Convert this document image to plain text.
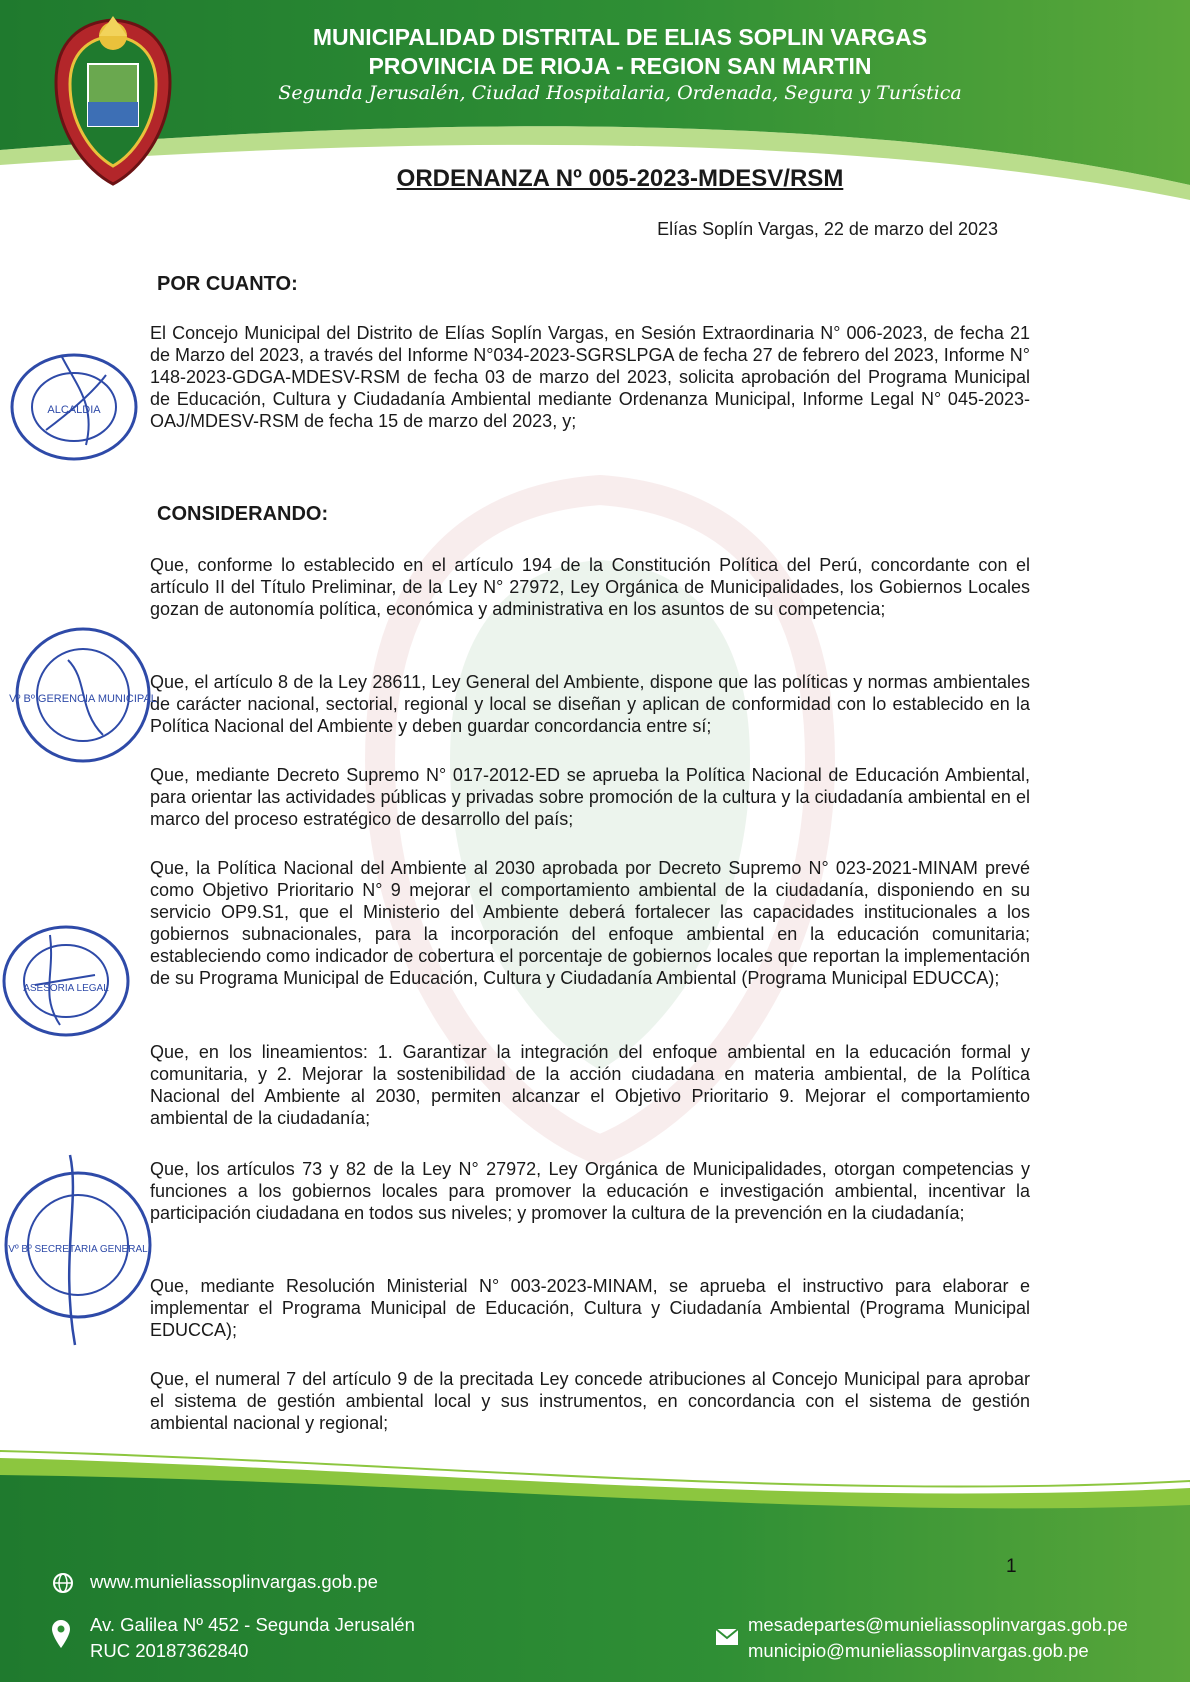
MUNICIPALIDAD DISTRITAL DE ELIAS SOPLIN VARGAS
PROVINCIA DE RIOJA - REGION SAN MARTIN
Segunda Jerusalén, Ciudad Hospitalaria, Ordenada, Segura y Turística
ORDENANZA Nº 005-2023-MDESV/RSM
Elías Soplín Vargas, 22 de marzo del 2023
POR CUANTO:

El Concejo Municipal del Distrito de Elías Soplín Vargas, en Sesión Extraordinaria N° 006-2023, de fecha 21 de Marzo del 2023, a través del Informe N°034-2023-SGRSLPGA de fecha 27 de febrero del 2023, Informe N° 148-2023-GDGA-MDESV-RSM de fecha 03 de marzo del 2023, solicita aprobación del Programa Municipal de Educación, Cultura y Ciudadanía Ambiental mediante Ordenanza Municipal, Informe Legal N° 045-2023-OAJ/MDESV-RSM de fecha 15 de marzo del 2023, y;

CONSIDERANDO:

Que, conforme lo establecido en el artículo 194 de la Constitución Política del Perú, concordante con el artículo II del Título Preliminar, de la Ley N° 27972, Ley Orgánica de Municipalidades, los Gobiernos Locales gozan de autonomía política, económica y administrativa en los asuntos de su competencia;

Que, el artículo 8 de la Ley 28611, Ley General del Ambiente, dispone que las políticas y normas ambientales de carácter nacional, sectorial, regional y local se diseñan y aplican de conformidad con lo establecido en la Política Nacional del Ambiente y deben guardar concordancia entre sí;

Que, mediante Decreto Supremo N° 017-2012-ED se aprueba la Política Nacional de Educación Ambiental, para orientar las actividades públicas y privadas sobre promoción de la cultura y la ciudadanía ambiental en el marco del proceso estratégico de desarrollo del país;

Que, la Política Nacional del Ambiente al 2030 aprobada por Decreto Supremo N° 023-2021-MINAM prevé como Objetivo Prioritario N° 9 mejorar el comportamiento ambiental de la ciudadanía, disponiendo en su servicio OP9.S1, que el Ministerio del Ambiente deberá fortalecer las capacidades institucionales a los gobiernos subnacionales, para la incorporación del enfoque ambiental en la educación comunitaria; estableciendo como indicador de cobertura el porcentaje de gobiernos locales que reportan la implementación de su Programa Municipal de Educación, Cultura y Ciudadanía Ambiental (Programa Municipal EDUCCA);

Que, en los lineamientos: 1. Garantizar la integración del enfoque ambiental en la educación formal y comunitaria, y 2. Mejorar la sostenibilidad de la acción ciudadana en materia ambiental, de la Política Nacional del Ambiente al 2030, permiten alcanzar el Objetivo Prioritario 9. Mejorar el comportamiento ambiental de la ciudadanía;

Que, los artículos 73 y 82 de la Ley N° 27972, Ley Orgánica de Municipalidades, otorgan competencias y funciones a los gobiernos locales para promover la educación e investigación ambiental, incentivar la participación ciudadana en todos sus niveles; y promover la cultura de la prevención en la ciudadanía;

Que, mediante Resolución Ministerial N° 003-2023-MINAM, se aprueba el instructivo para elaborar e implementar el Programa Municipal de Educación, Cultura y Ciudadanía Ambiental (Programa Municipal EDUCCA);

Que, el numeral 7 del artículo 9 de la precitada Ley concede atribuciones al Concejo Municipal para aprobar el sistema de gestión ambiental local y sus instrumentos, en concordancia con el sistema de gestión ambiental nacional y regional;

ALCALDIA
Vº Bº GERENCIA MUNICIPAL
ASESORIA LEGAL
Vº Bº SECRETARIA GENERAL
1
www.munieliassoplinvargas.gob.pe
Av. Galilea Nº 452 - Segunda Jerusalén
RUC 20187362840
mesadepartes@munieliassoplinvargas.gob.pe
municipio@munieliassoplinvargas.gob.pe
